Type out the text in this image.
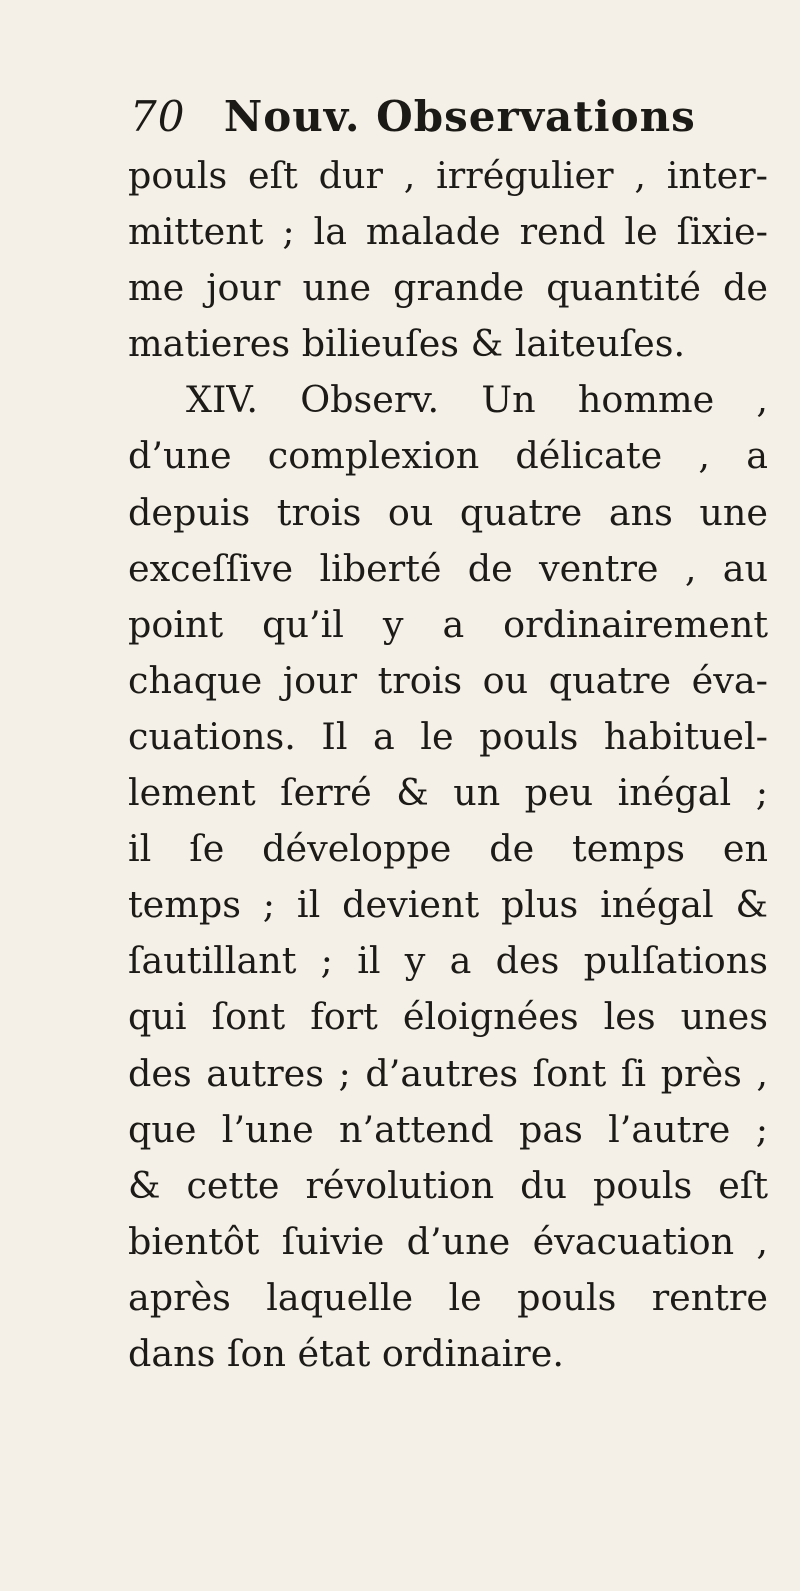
70 Nouv. Observations
pouls eſt dur , irrégulier , inter-
mittent ; la malade rend le ſixie-
me jour une grande quantité de
matieres bilieuſes & laiteuſes.
XIV. Observ. Un homme ,
d’une complexion délicate , a
depuis trois ou quatre ans une
exceſſive liberté de ventre , au
point qu’il y a ordinairement
chaque jour trois ou quatre éva-
cuations. Il a le pouls habituel-
lement ſerré & un peu inégal ;
il ſe développe de temps en
temps ; il devient plus inégal &
ſautillant ; il y a des pulſations
qui ſont fort éloignées les unes
des autres ; d’autres ſont ſi près ,
que l’une n’attend pas l’autre ;
& cette révolution du pouls eſt
bientôt ſuivie d’une évacuation ,
après laquelle le pouls rentre
dans ſon état ordinaire.
